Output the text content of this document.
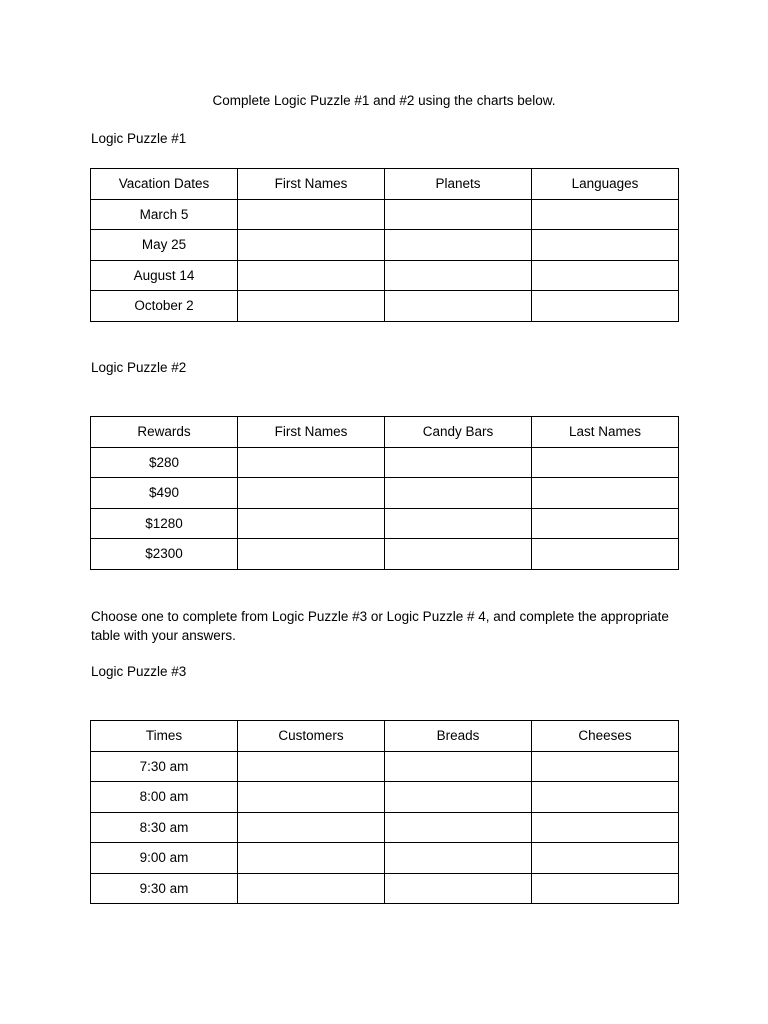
Complete Logic Puzzle #1 and #2 using the charts below.
Logic Puzzle #1
Vacation Dates	First Names	Planets	Languages
March 5			
May 25			
August 14			
October 2			
Logic Puzzle #2
Rewards	First Names	Candy Bars	Last Names
$280			
$490			
$1280			
$2300			
Choose one to complete from Logic Puzzle #3 or Logic Puzzle # 4, and complete the appropriate table with your answers.
Logic Puzzle #3
Times	Customers	Breads	Cheeses
7:30 am			
8:00 am			
8:30 am			
9:00 am			
9:30 am			
